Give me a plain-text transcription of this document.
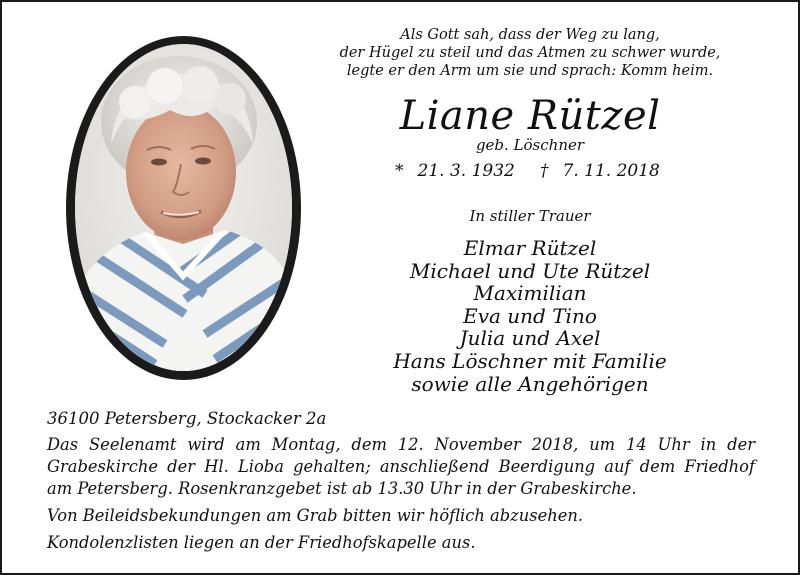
Als Gott sah, dass der Weg zu lang,
der Hügel zu steil und das Atmen zu schwer wurde,
legte er den Arm um sie und sprach: Komm heim.
Liane Rützel
geb. Löschner
* 21. 3. 1932 † 7. 11. 2018
In stiller Trauer
Elmar Rützel
Michael und Ute Rützel
Maximilian
Eva und Tino
Julia und Axel
Hans Löschner mit Familie
sowie alle Angehörigen
36100 Petersberg, Stockacker 2a
Das Seelenamt wird am Montag, dem 12. November 2018, um 14 Uhr in der
Grabeskirche der Hl. Lioba gehalten; anschließend Beerdigung auf dem Friedhof
am Petersberg. Rosenkranzgebet ist ab 13.30 Uhr in der Grabeskirche.
Von Beileidsbekundungen am Grab bitten wir höflich abzusehen.
Kondolenzlisten liegen an der Friedhofskapelle aus.
